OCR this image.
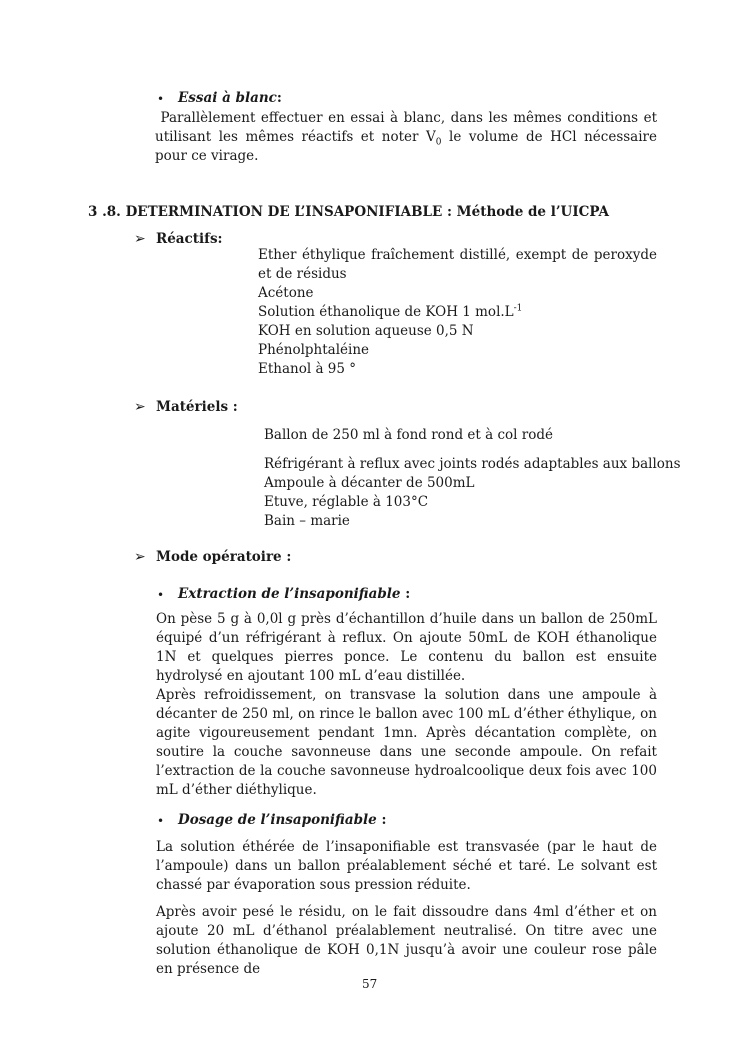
• Essai à blanc:
Parallèlement effectuer en essai à blanc, dans les mêmes conditions et utilisant les mêmes réactifs et noter $V_0$ le volume de HCl nécessaire pour ce virage.
3 .8. DETERMINATION DE L’INSAPONIFIABLE : Méthode de l’UICPA
➢ Réactifs:
Ether éthylique fraîchement distillé, exempt de peroxyde et de résidus
Acétone
Solution éthanolique de KOH 1 $mol.L^{-1}$
KOH en solution aqueuse 0,5 N
Phénolphtaléine
Ethanol à 95 °
➢ Matériels :
Ballon de 250 ml à fond rond et à col rodé
Réfrigérant à reflux avec joints rodés adaptables aux ballons
Ampoule à décanter de 500mL
Etuve, réglable à 103°C
Bain – marie
➢ Mode opératoire :
• Extraction de l’insaponifiable :
On pèse 5 g à 0,0l g près d’échantillon d’huile dans un ballon de 250mL équipé d’un réfrigérant à reflux. On ajoute 50mL de KOH éthanolique 1N et quelques pierres ponce. Le contenu du ballon est ensuite hydrolysé en ajoutant 100 mL d’eau distillée.
Après refroidissement, on transvase la solution dans une ampoule à décanter de 250 ml, on rince le ballon avec 100 mL d’éther éthylique, on agite vigoureusement pendant 1mn. Après décantation complète, on soutire la couche savonneuse dans une seconde ampoule. On refait l’extraction de la couche savonneuse hydroalcoolique deux fois avec 100 mL d’éther diéthylique.
• Dosage de l’insaponifiable :
La solution éthérée de l’insaponifiable est transvasée (par le haut de l’ampoule) dans un ballon préalablement séché et taré. Le solvant est chassé par évaporation sous pression réduite.
Après avoir pesé le résidu, on le fait dissoudre dans 4ml d’éther et on ajoute 20 mL d’éthanol préalablement neutralisé. On titre avec une solution éthanolique de KOH 0,1N jusqu’à avoir une couleur rose pâle en présence de
57
